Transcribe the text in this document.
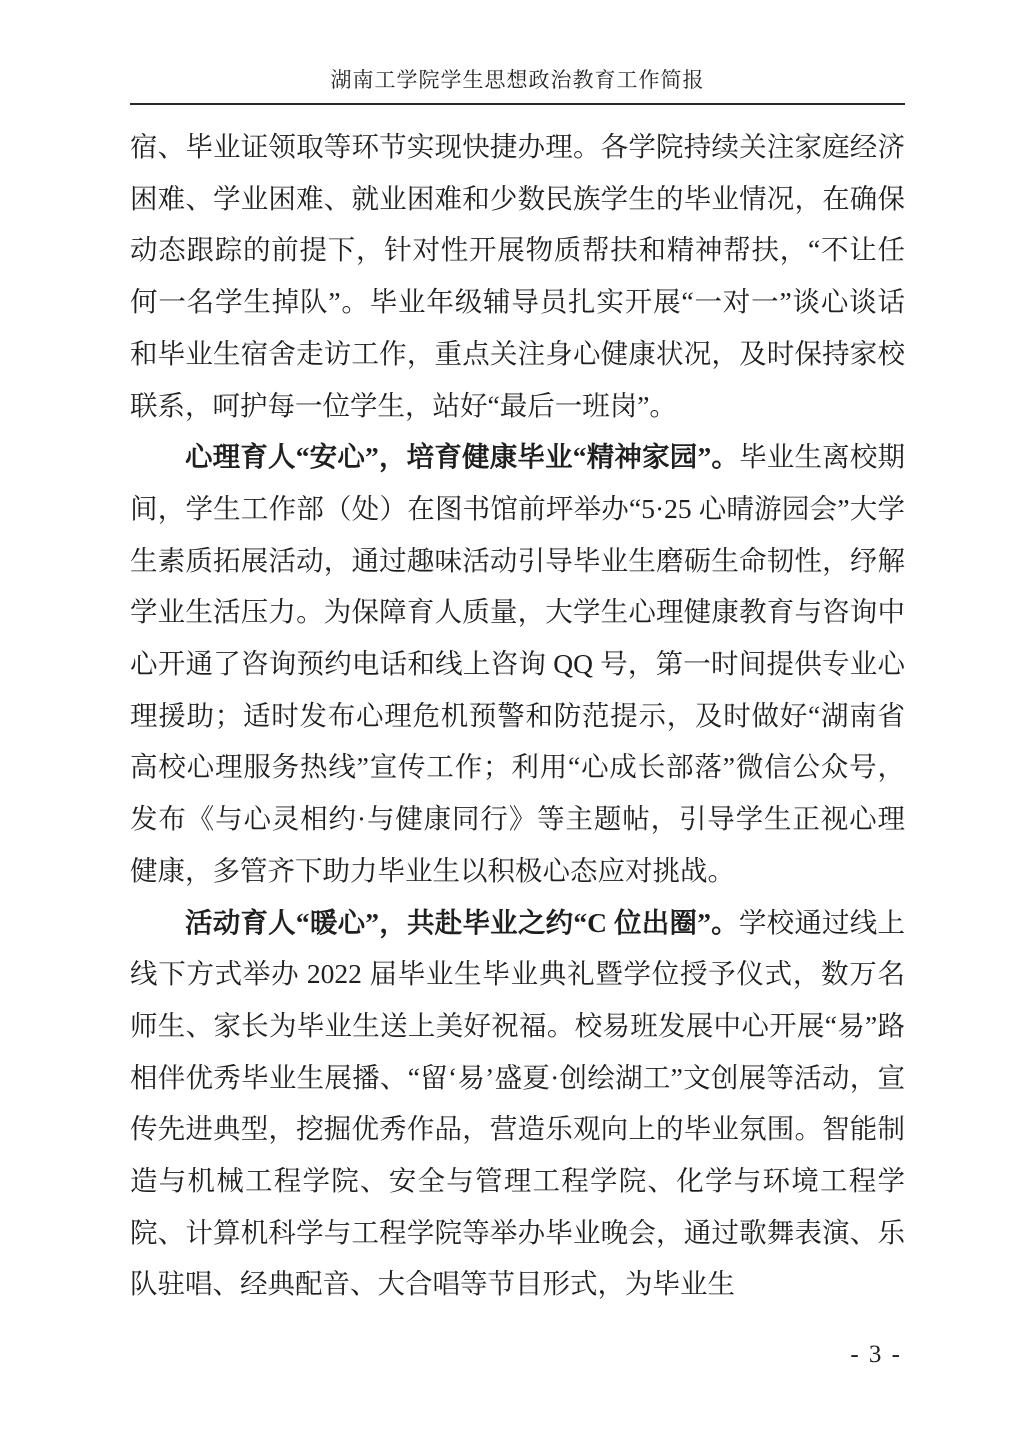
湖南工学院学生思想政治教育工作简报

宿、毕业证领取等环节实现快捷办理。各学院持续关注家庭经济困难、学业困难、就业困难和少数民族学生的毕业情况，在确保动态跟踪的前提下，针对性开展物质帮扶和精神帮扶，“不让任何一名学生掉队”。毕业年级辅导员扎实开展“一对一”谈心谈话和毕业生宿舍走访工作，重点关注身心健康状况，及时保持家校联系，呵护每一位学生，站好“最后一班岗”。

心理育人“安心”，培育健康毕业“精神家园”。毕业生离校期间，学生工作部（处）在图书馆前坪举办“5·25 心晴游园会”大学生素质拓展活动，通过趣味活动引导毕业生磨砺生命韧性，纾解学业生活压力。为保障育人质量，大学生心理健康教育与咨询中心开通了咨询预约电话和线上咨询 QQ 号，第一时间提供专业心理援助；适时发布心理危机预警和防范提示，及时做好“湖南省高校心理服务热线”宣传工作；利用“心成长部落”微信公众号，发布《与心灵相约·与健康同行》等主题帖，引导学生正视心理健康，多管齐下助力毕业生以积极心态应对挑战。

活动育人“暖心”，共赴毕业之约“C 位出圈”。学校通过线上线下方式举办 2022 届毕业生毕业典礼暨学位授予仪式，数万名师生、家长为毕业生送上美好祝福。校易班发展中心开展“易”路相伴优秀毕业生展播、“留‘易’盛夏·创绘湖工”文创展等活动，宣传先进典型，挖掘优秀作品，营造乐观向上的毕业氛围。智能制造与机械工程学院、安全与管理工程学院、化学与环境工程学院、计算机科学与工程学院等举办毕业晚会，通过歌舞表演、乐队驻唱、经典配音、大合唱等节目形式，为毕业生

- 3 -
